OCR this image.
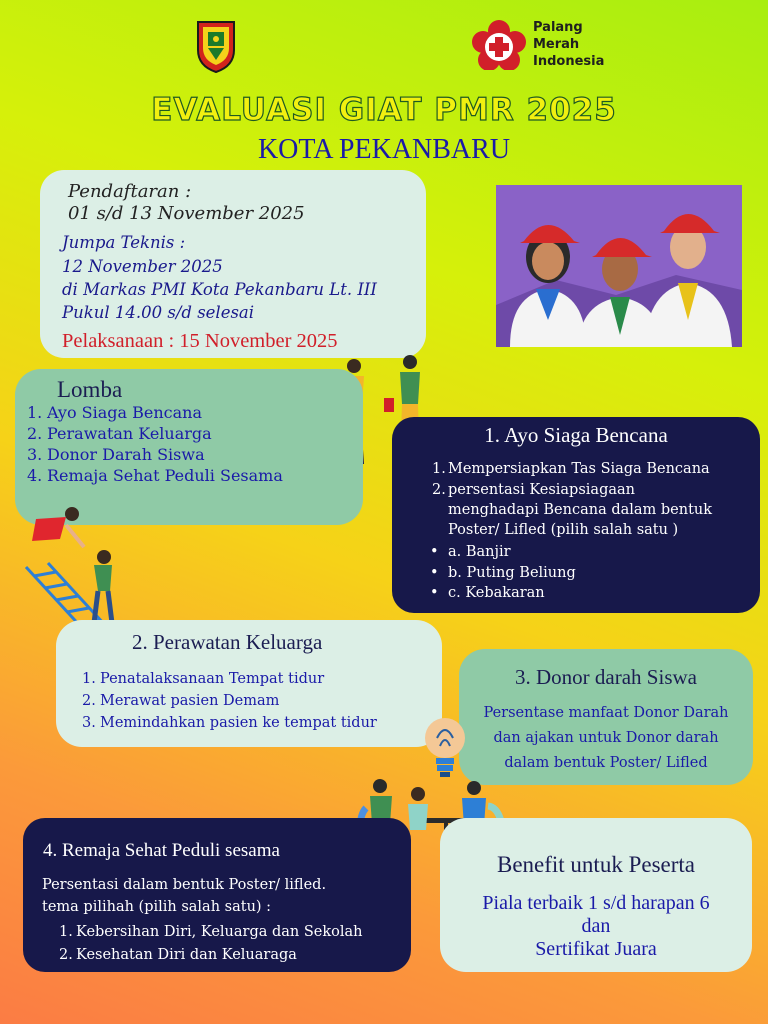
Palang
Merah
Indonesia
EVALUASI GIAT PMR 2025
KOTA PEKANBARU
Pendaftaran :
01 s/d 13 November 2025
Jumpa Teknis :
12 November 2025
di Markas PMI Kota Pekanbaru Lt. III
Pukul 14.00 s/d selesai
Pelaksanaan : 15 November 2025
Lomba
1. Ayo Siaga Bencana
2. Perawatan Keluarga
3. Donor Darah Siswa
4. Remaja Sehat Peduli Sesama
1. Ayo Siaga Bencana
1. Mempersiapkan Tas Siaga Bencana
2. persentasi Kesiapsiagaan
menghadapi Bencana dalam bentuk
Poster/ Lifled (pilih salah satu )
• a. Banjir
• b. Puting Beliung
• c. Kebakaran
2. Perawatan Keluarga
1. Penatalaksanaan Tempat tidur
2. Merawat pasien Demam
3. Memindahkan pasien ke tempat tidur
3. Donor darah Siswa
Persentase manfaat Donor Darah
dan ajakan untuk Donor darah
dalam bentuk Poster/ Lifled
4. Remaja Sehat Peduli sesama
Persentasi dalam bentuk Poster/ lifled.
tema pilihah (pilih salah satu) :
1. Kebersihan Diri, Keluarga dan Sekolah
2. Kesehatan Diri dan Keluaraga
Benefit untuk Peserta
Piala terbaik 1 s/d harapan 6
dan
Sertifikat Juara
